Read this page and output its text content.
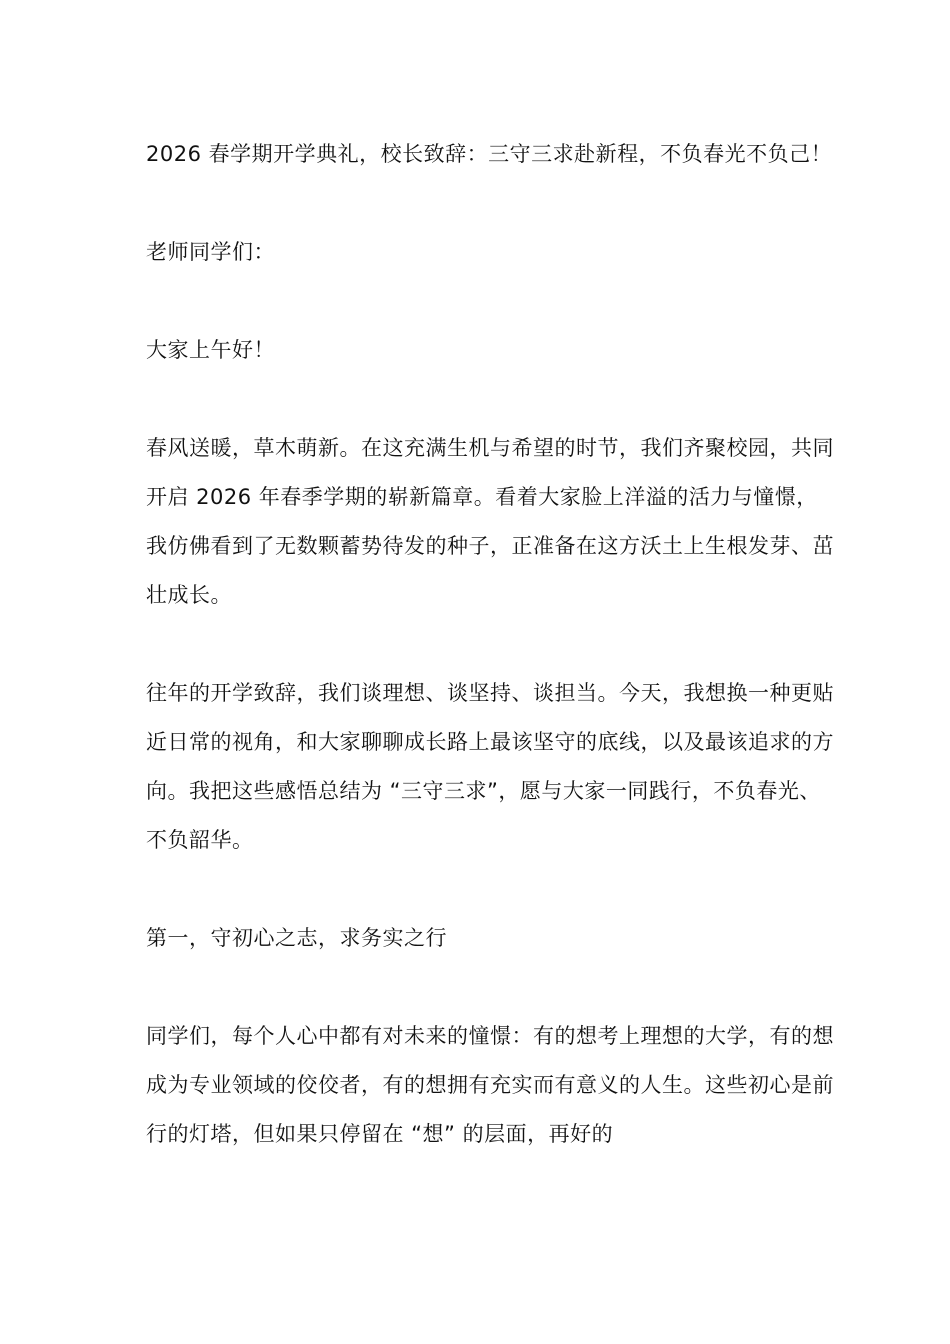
2026 春学期开学典礼，校长致辞：三守三求赴新程，不负春光不负己！

老师同学们：

大家上午好！

春风送暖，草木萌新。在这充满生机与希望的时节，我们齐聚校园，共同开启 2026 年春季学期的崭新篇章。看着大家脸上洋溢的活力与憧憬，我仿佛看到了无数颗蓄势待发的种子，正准备在这方沃土上生根发芽、茁壮成长。

往年的开学致辞，我们谈理想、谈坚持、谈担当。今天，我想换一种更贴近日常的视角，和大家聊聊成长路上最该坚守的底线，以及最该追求的方向。我把这些感悟总结为 “三守三求”，愿与大家一同践行，不负春光、不负韶华。

第一，守初心之志，求务实之行

同学们，每个人心中都有对未来的憧憬：有的想考上理想的大学，有的想成为专业领域的佼佼者，有的想拥有充实而有意义的人生。这些初心是前行的灯塔，但如果只停留在 “想” 的层面，再好的
